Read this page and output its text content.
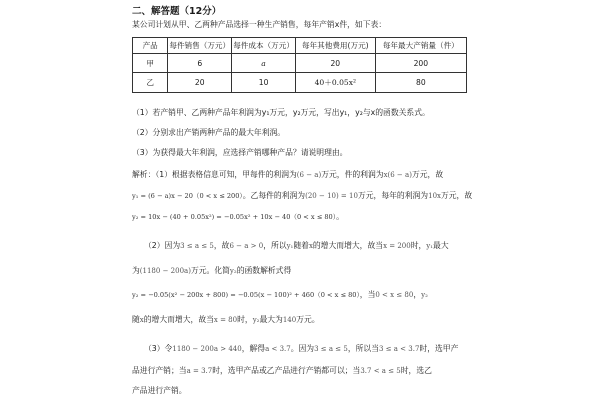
二、解答题（12分）
某公司计划从甲、乙两种产品选择一种生产销售，每年产销x件，如下表：
产品	每件销售（万元）	每件成本（万元）	每年其他费用(万元)	每年最大产销量（件）
甲	6	a	20	200
乙	20	10	40＋0.05x²	80
（1）若产销甲、乙两种产品年利润为y₁万元，y₂万元，写出y₁，y₂与x的函数关系式。
（2）分别求出产销两种产品的最大年利润。
（3）为获得最大年利润，应选择产销哪种产品？请说明理由。
解析：（1）根据表格信息可知，甲每件的利润为(6 − a)万元，件的利润为x(6 − a)万元，故
y₁ = (6 − a)x − 20（0 < x ≤ 200）。乙每件的利润为(20 − 10) = 10万元，每年的利润为10x万元，故
y₂ = 10x − (40 + 0.05x²) = −0.05x² + 10x − 40（0 < x ≤ 80）。
（2）因为3 ≤ a ≤ 5，故6 − a > 0，所以y₁随着x的增大而增大，故当x = 200时，y₁最大
为(1180 − 200a)万元。化简y₂的函数解析式得
y₂ = −0.05(x² − 200x + 800) = −0.05(x − 100)² + 460（0 < x ≤ 80），当0 < x ≤ 80，y₂
随x的增大而增大，故当x = 80时，y₂最大为140万元。
（3）令1180 − 200a > 440，解得a < 3.7。因为3 ≤ a ≤ 5，所以当3 ≤ a < 3.7时，选甲产
品进行产销；当a = 3.7时，选甲产品或乙产品进行产销都可以；当3.7 < a ≤ 5时，选乙
产品进行产销。
